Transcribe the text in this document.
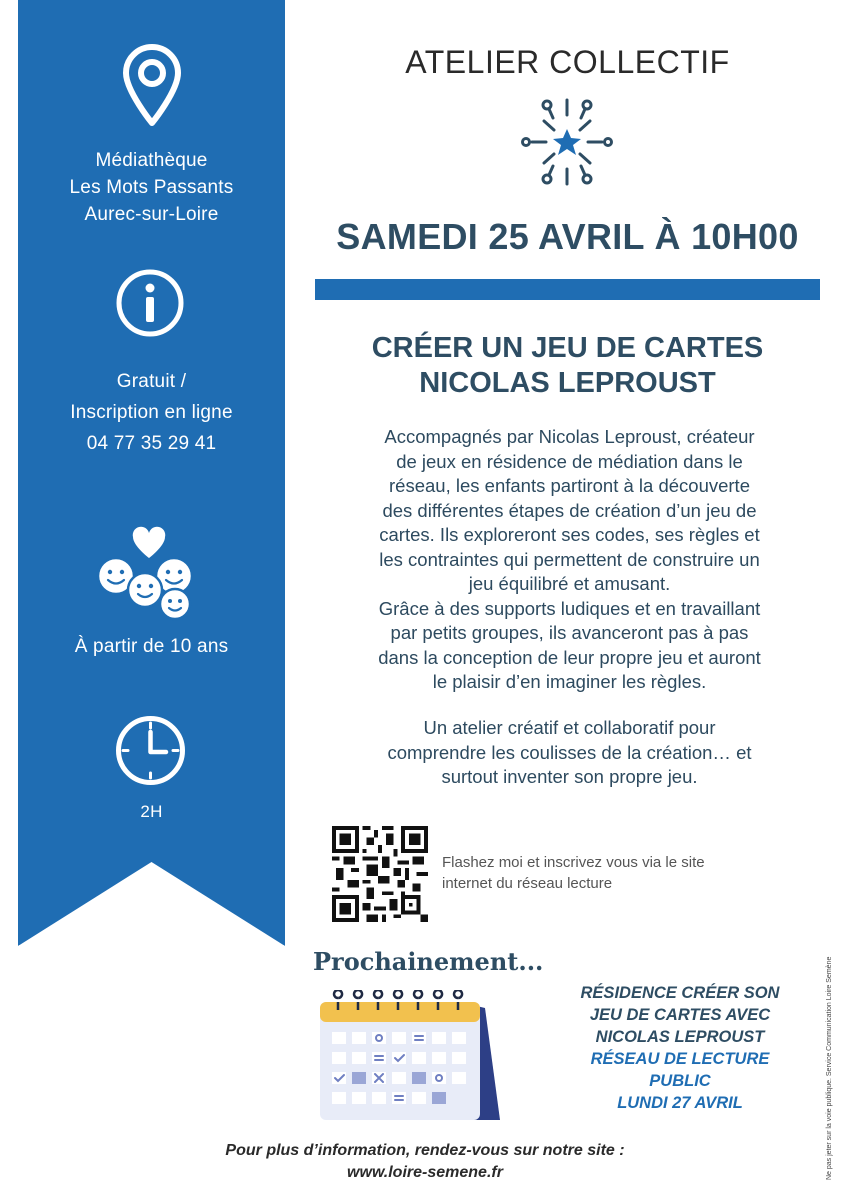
Médiathèque
Les Mots Passants
Aurec-sur-Loire
Gratuit /
Inscription en ligne
04 77 35 29 41
À partir de 10 ans
2H
ATELIER COLLECTIF
SAMEDI 25 AVRIL À 10H00
CRÉER UN JEU DE CARTES
NICOLAS LEPROUST
Accompagnés par Nicolas Leproust, créateur
de jeux en résidence de médiation dans le
réseau, les enfants partiront à la découverte
des différentes étapes de création d’un jeu de
cartes. Ils exploreront ses codes, ses règles et
les contraintes qui permettent de construire un
jeu équilibré et amusant.
Grâce à des supports ludiques et en travaillant
par petits groupes, ils avanceront pas à pas
dans la conception de leur propre jeu et auront
le plaisir d’en imaginer les règles.
Un atelier créatif et collaboratif pour
comprendre les coulisses de la création… et
surtout inventer son propre jeu.
Flashez moi et inscrivez vous via le site
internet du réseau lecture
Prochainement...
RÉSIDENCE CRÉER SON
JEU DE CARTES AVEC
NICOLAS LEPROUST
RÉSEAU DE LECTURE
PUBLIC
LUNDI 27 AVRIL
Pour plus d’information, rendez-vous sur notre site :
www.loire-semene.fr	Ne pas jeter sur la voie publique. Service Communication Loire Semène
